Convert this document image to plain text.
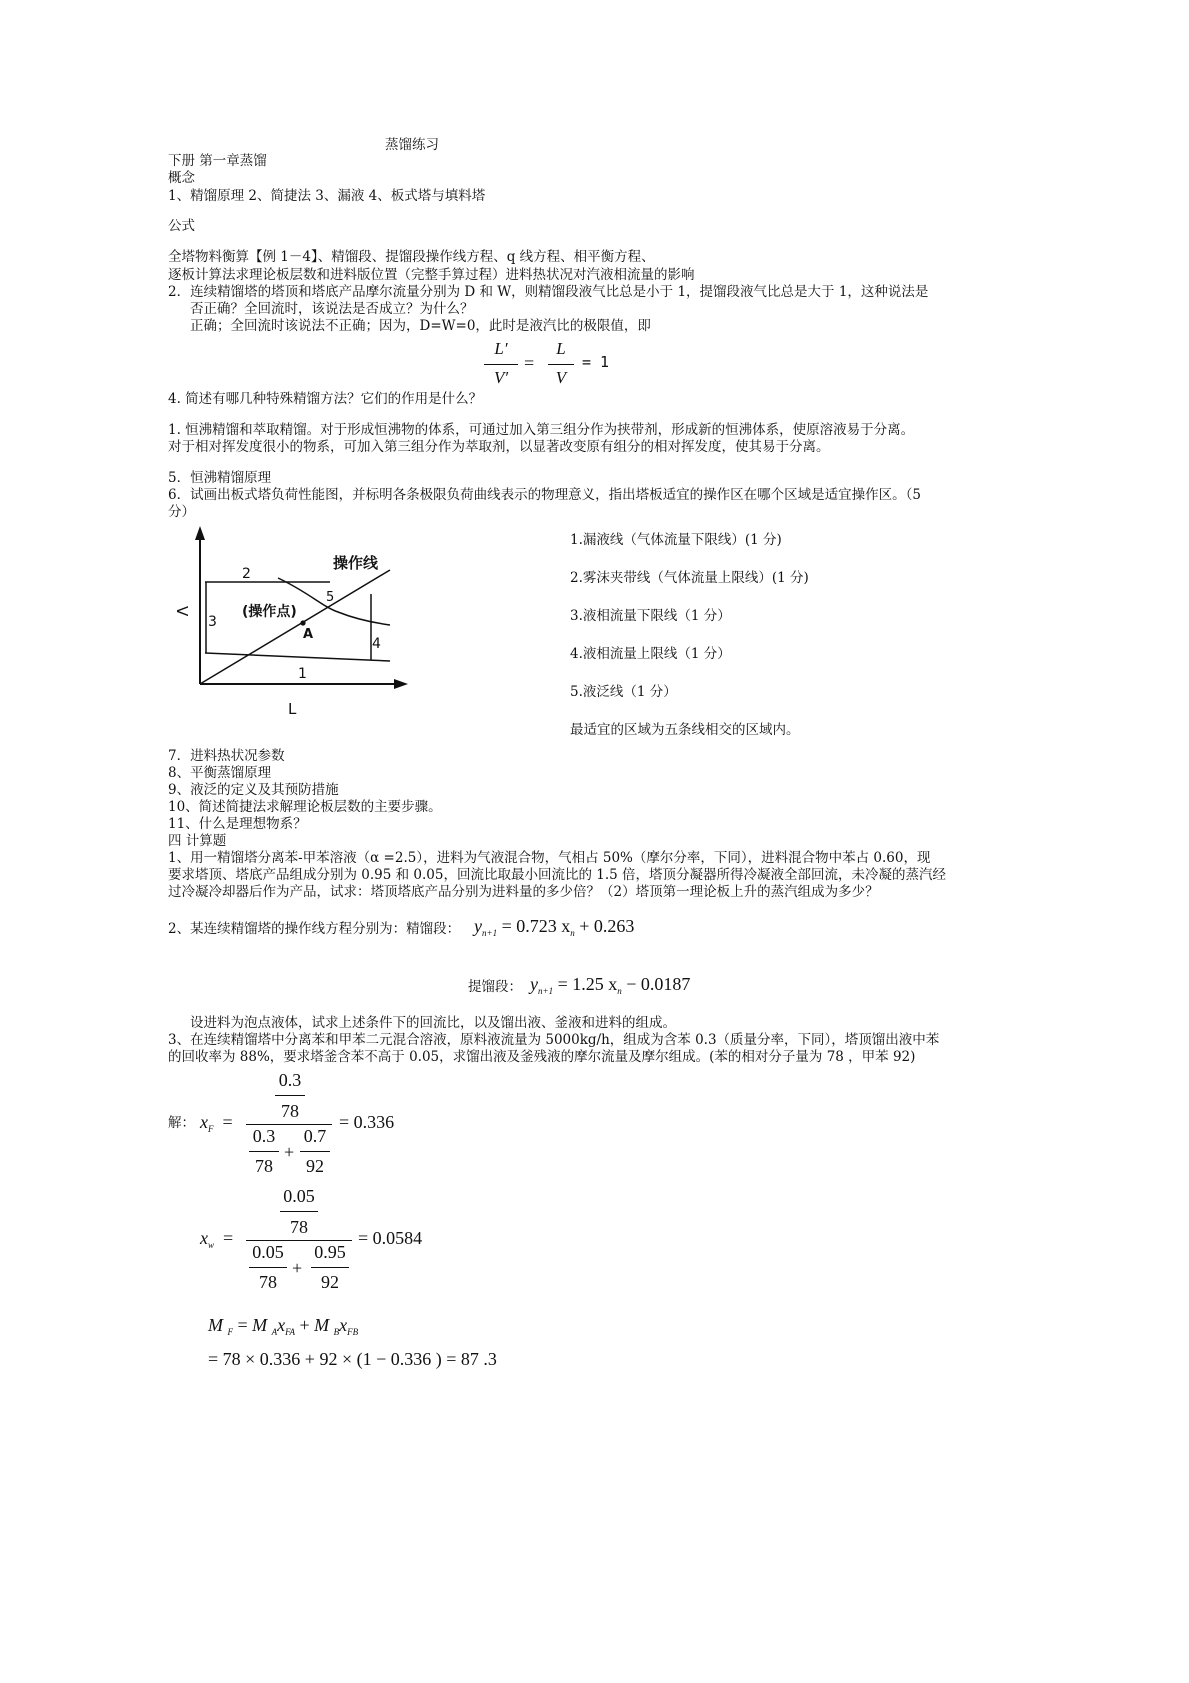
蒸馏练习
下册 第一章蒸馏
概念
1、精馏原理 2、简捷法 3、漏液 4、板式塔与填料塔
公式
全塔物料衡算【例 1－4】、精馏段、提馏段操作线方程、q 线方程、相平衡方程、
逐板计算法求理论板层数和进料版位置（完整手算过程）进料热状况对汽液相流量的影响
2．连续精馏塔的塔顶和塔底产品摩尔流量分别为 D 和 W，则精馏段液气比总是小于 1，提馏段液气比总是大于 1，这种说法是
否正确？全回流时，该说法是否成立？为什么？
正确；全回流时该说法不正确；因为，D=W=0，此时是液汽比的极限值，即
L′
V′
=
L
V
= 1
4. 简述有哪几种特殊精馏方法？它们的作用是什么？
1. 恒沸精馏和萃取精馏。对于形成恒沸物的体系，可通过加入第三组分作为挟带剂，形成新的恒沸体系，使原溶液易于分离。
对于相对挥发度很小的物系，可加入第三组分作为萃取剂，以显著改变原有组分的相对挥发度，使其易于分离。
5．恒沸精馏原理
6．试画出板式塔负荷性能图，并标明各条极限负荷曲线表示的物理意义，指出塔板适宜的操作区在哪个区域是适宜操作区。（5
分）
操作线
(操作点)
A
2
3
4
5
1
L
V
1.漏液线（气体流量下限线）(1 分)
2.雾沫夹带线（气体流量上限线）(1 分)
3.液相流量下限线（1 分）
4.液相流量上限线（1 分）
5.液泛线（1 分）
最适宜的区域为五条线相交的区域内。
7．进料热状况参数
8、平衡蒸馏原理
9、液泛的定义及其预防措施
10、简述简捷法求解理论板层数的主要步骤。
11、什么是理想物系？
四 计算题
1、用一精馏塔分离苯-甲苯溶液（α =2.5），进料为气液混合物，气相占 50%（摩尔分率，下同），进料混合物中苯占 0.60，现
要求塔顶、塔底产品组成分别为 0.95 和 0.05，回流比取最小回流比的 1.5 倍，塔顶分凝器所得冷凝液全部回流，未冷凝的蒸汽经
过冷凝冷却器后作为产品，试求：塔顶塔底产品分别为进料量的多少倍？（2）塔顶第一理论板上升的蒸汽组成为多少？
2、某连续精馏塔的操作线方程分别为：精馏段： $y_{n+1} = 0.723$ $x_n + 0.263$
提馏段： $y_{n+1} = 1.25$ $x_n - 0.0187$
设进料为泡点液体，试求上述条件下的回流比，以及馏出液、釜液和进料的组成。
3、在连续精馏塔中分离苯和甲苯二元混合溶液，原料液流量为 5000kg/h，组成为含苯 0.3（质量分率，下同），塔顶馏出液中苯
的回收率为 88%，要求塔釜含苯不高于 0.05，求馏出液及釜残液的摩尔流量及摩尔组成。(苯的相对分子量为 78 ，甲苯 92)
解： $x_F$  =
0.3
78
0.3
78
+
0.7
92
= 0.336
$x_w$  =
0.05
78
0.05
78
+
0.95
92
= 0.0584
M $_F$ = M $_Ax_{FA} + M$ $_Bx_{FB}$
= 78 × 0.336 + 92 × (1 − 0.336 ) = 87 .3
